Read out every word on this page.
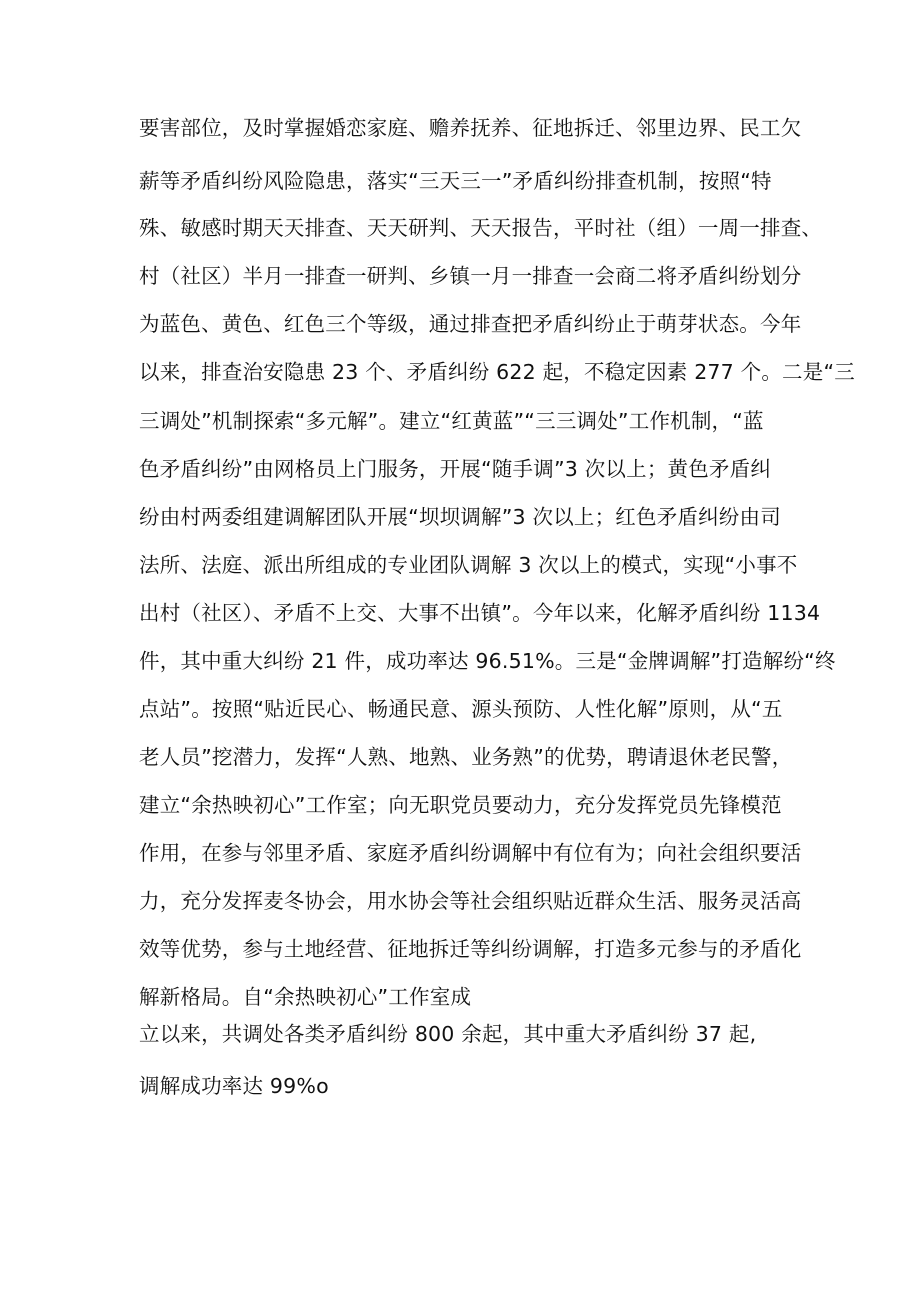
要害部位，及时掌握婚恋家庭、赡养抚养、征地拆迁、邻里边界、民工欠
薪等矛盾纠纷风险隐患，落实“三天三一”矛盾纠纷排查机制，按照“特
殊、敏感时期天天排查、天天研判、天天报告，平时社（组）一周一排查、
村（社区）半月一排查一研判、乡镇一月一排查一会商二将矛盾纠纷划分
为蓝色、黄色、红色三个等级，通过排查把矛盾纠纷止于萌芽状态。今年
以来，排查治安隐患 23 个、矛盾纠纷 622 起，不稳定因素 277 个。二是“三
三调处”机制探索“多元解”。建立“红黄蓝”“三三调处”工作机制，“蓝
色矛盾纠纷”由网格员上门服务，开展“随手调”3 次以上；黄色矛盾纠
纷由村两委组建调解团队开展“坝坝调解”3 次以上；红色矛盾纠纷由司
法所、法庭、派出所组成的专业团队调解 3 次以上的模式，实现“小事不
出村（社区）、矛盾不上交、大事不出镇”。今年以来，化解矛盾纠纷 1134
件，其中重大纠纷 21 件，成功率达 96.51%。三是“金牌调解”打造解纷“终
点站”。按照“贴近民心、畅通民意、源头预防、人性化解”原则，从“五
老人员”挖潜力，发挥“人熟、地熟、业务熟”的优势，聘请退休老民警，
建立“余热映初心”工作室；向无职党员要动力，充分发挥党员先锋模范
作用，在参与邻里矛盾、家庭矛盾纠纷调解中有位有为；向社会组织要活
力，充分发挥麦冬协会，用水协会等社会组织贴近群众生活、服务灵活高
效等优势，参与土地经营、征地拆迁等纠纷调解，打造多元参与的矛盾化
解新格局。自“余热映初心”工作室成
立以来，共调处各类矛盾纠纷 800 余起，其中重大矛盾纠纷 37 起,
调解成功率达 99%o
